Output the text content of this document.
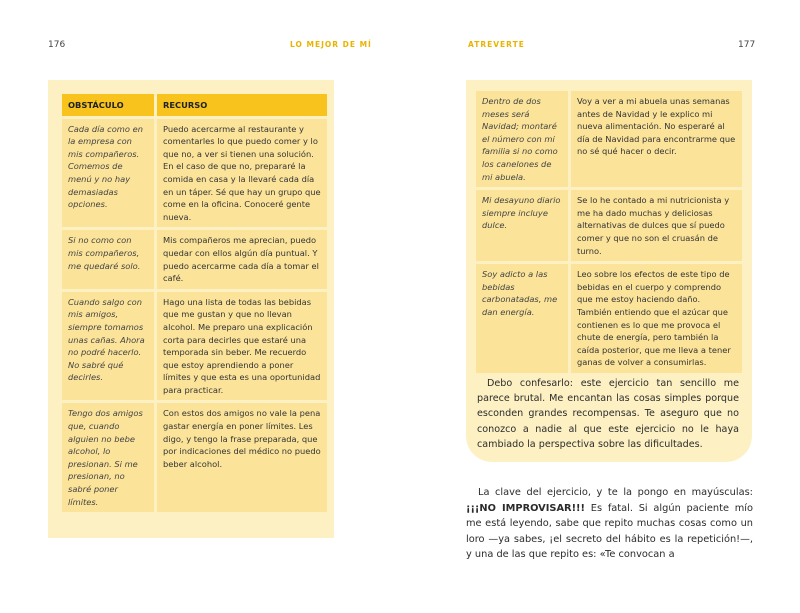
176	LO MEJOR DE MÍ
OBSTÁCULO	RECURSO
Cada día como en la empresa con mis compañeros. Comemos de menú y no hay demasiadas opciones.	Puedo acercarme al restaurante y comentarles lo que puedo comer y lo que no, a ver si tienen una solución. En el caso de que no, prepararé la comida en casa y la llevaré cada día en un táper. Sé que hay un grupo que come en la oficina. Conoceré gente nueva.
Si no como con mis compañeros, me quedaré solo.	Mis compañeros me aprecian, puedo quedar con ellos algún día puntual. Y puedo acercarme cada día a tomar el café.
Cuando salgo con mis amigos, siempre tomamos unas cañas. Ahora no podré hacerlo. No sabré qué decirles.	Hago una lista de todas las bebidas que me gustan y que no llevan alcohol. Me preparo una explicación corta para decirles que estaré una temporada sin beber. Me recuerdo que estoy aprendiendo a poner límites y que esta es una oportunidad para practicar.
Tengo dos amigos que, cuando alguien no bebe alcohol, lo presionan. Si me presionan, no sabré poner límites.	Con estos dos amigos no vale la pena gastar energía en poner límites. Les digo, y tengo la frase preparada, que por indicaciones del médico no puedo beber alcohol.
ATREVERTE	177
Dentro de dos meses será Navidad; montaré el número con mi familia si no como los canelones de mi abuela.	Voy a ver a mi abuela unas semanas antes de Navidad y le explico mi nueva alimentación. No esperaré al día de Navidad para encontrarme que no sé qué hacer o decir.
Mi desayuno diario siempre incluye dulce.	Se lo he contado a mi nutricionista y me ha dado muchas y deliciosas alternativas de dulces que sí puedo comer y que no son el cruasán de turno.
Soy adicto a las bebidas carbonatadas, me dan energía.	Leo sobre los efectos de este tipo de bebidas en el cuerpo y comprendo que me estoy haciendo daño. También entiendo que el azúcar que contienen es lo que me provoca el chute de energía, pero también la caída posterior, que me lleva a tener ganas de volver a consumirlas.
Debo confesarlo: este ejercicio tan sencillo me parece brutal. Me encantan las cosas simples porque esconden grandes recompensas. Te aseguro que no conozco a nadie al que este ejercicio no le haya cambiado la perspectiva sobre las dificultades.
La clave del ejercicio, y te la pongo en mayúsculas: ¡¡¡NO IMPROVISAR!!! Es fatal. Si algún paciente mío me está leyendo, sabe que repito muchas cosas como un loro —ya sabes, ¡el secreto del hábito es la repetición!—, y una de las que repito es: «Te convocan a
